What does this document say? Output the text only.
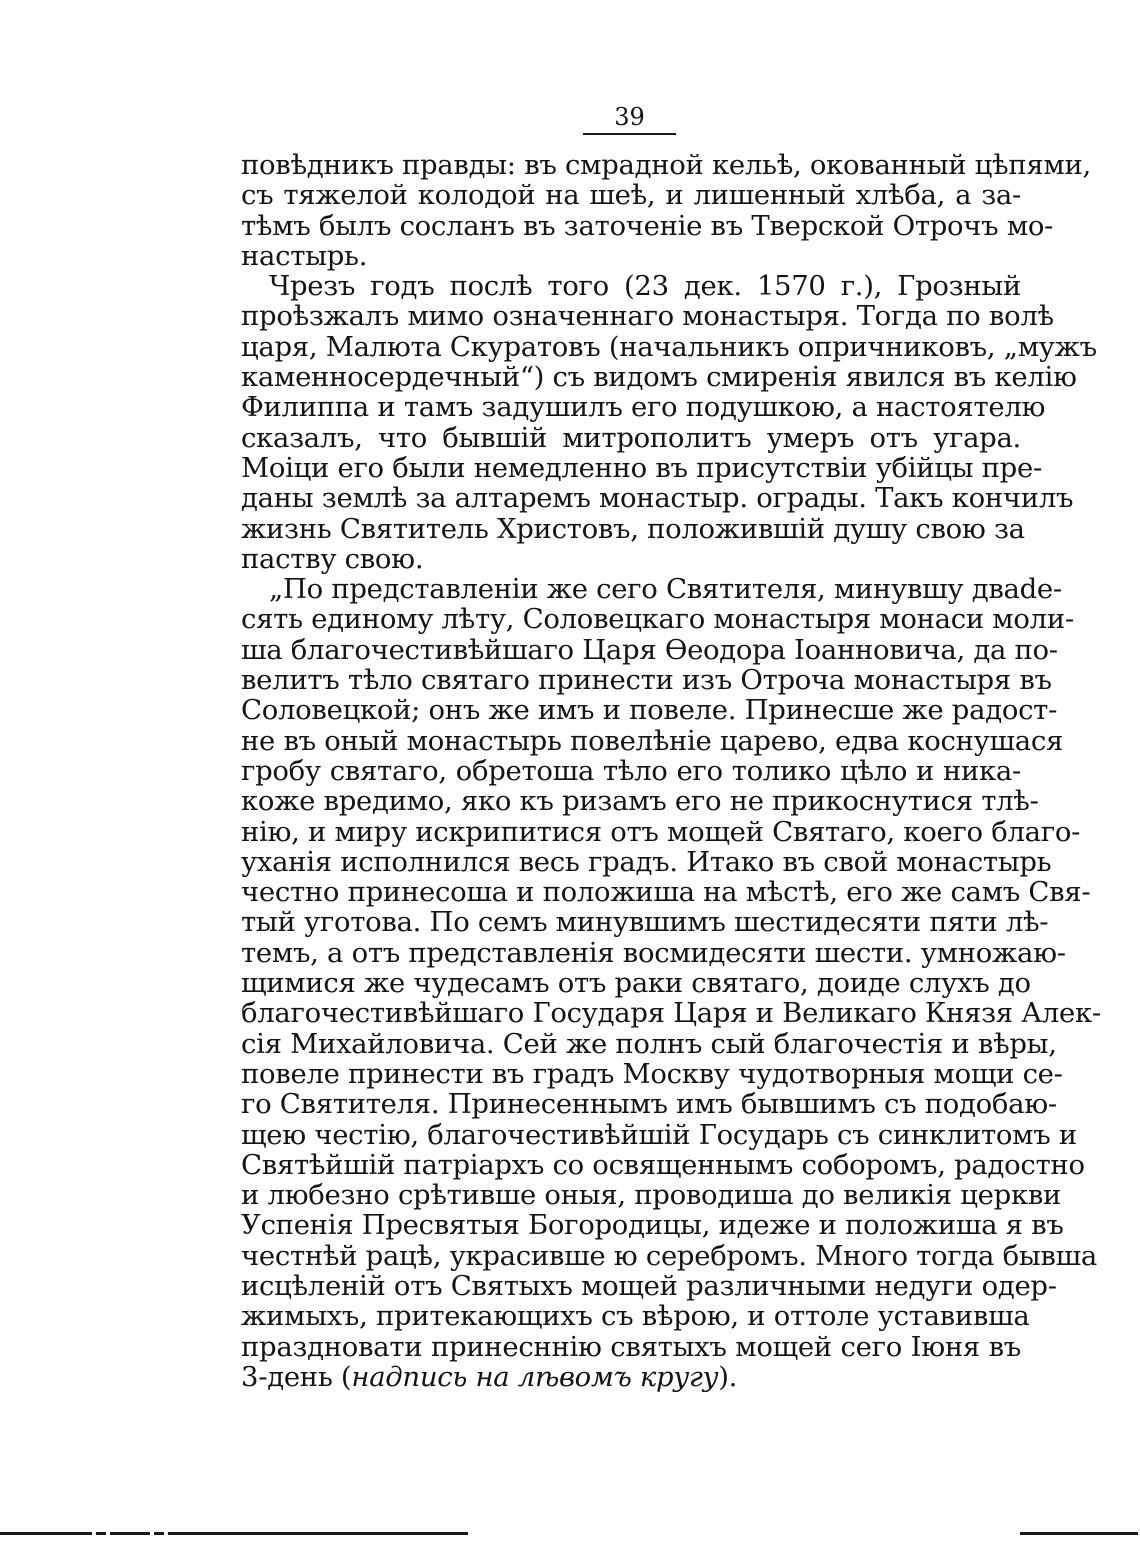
39
повѣдникъ правды: въ смрадной кельѣ, окованный цѣпями,
съ тяжелой колодой на шеѣ, и лишенный хлѣба, а за-
тѣмъ былъ сосланъ въ заточеніе въ Тверской Отрочъ мо-
настырь.
Чрезъ годъ послѣ того (23 дек. 1570 г.), Грозный
проѣзжалъ мимо означеннаго монастыря. Тогда по волѣ
царя, Малюта Скуратовъ (начальникъ опричниковъ, „мужъ
каменносердечный“) съ видомъ смиренія явился въ келію
Филиппа и тамъ задушилъ его подушкою, а настоятелю
сказалъ, что бывшій митрополитъ умеръ отъ угара.
Моіци его были немедленно въ присутствіи убійцы пре-
даны землѣ за алтаремъ монастыр. ограды. Такъ кончилъ
жизнь Святитель Христовъ, положившій душу свою за
паству свою.
„По представленіи же сего Святителя, минувшу двade-
сять единому лѣту, Соловецкаго монастыря монаси моли-
ша благочестивѣйшаго Царя Ѳеодора Іоанновича, да по-
велитъ тѣло святаго принести изъ Отроча монастыря въ
Соловецкой; онъ же имъ и повеле. Принесше же радост-
не въ оный монастырь повелѣніе царево, едва коснушася
гробу святаго, обретоша тѣло его толико цѣло и ника-
коже вредимо, яко къ ризамъ его не прикоснутися тлѣ-
нію, и миру искрипитися отъ мощей Святаго, коего благо-
уханія исполнился весь градъ. Итако въ свой монастырь
честно принесоша и положиша на мѣстѣ, его же самъ Свя-
тый уготова. По семъ минувшимъ шестидесяти пяти лѣ-
темъ, а отъ представленія восмидесяти шести. умножаю-
щимися же чудесамъ отъ раки святаго, доиде слухъ до
благочестивѣйшаго Государя Царя и Великаго Князя Алек-
сія Михайловича. Сей же полнъ сый благочестія и вѣры,
повеле принести въ градъ Москву чудотворныя мощи се-
го Святителя. Принесеннымъ имъ бывшимъ съ подобаю-
щею честію, благочестивѣйшій Государь съ синклитомъ и
Святѣйшій патріархъ со освященнымъ соборомъ, радостно
и любезно срѣтивше оныя, проводиша до великія церкви
Успенія Пресвятыя Богородицы, идеже и положиша я въ
честнѣй рацѣ, украсивше ю серебромъ. Много тогда бывша
исцѣленій отъ Святыхъ мощей различными недуги одер-
жимыхъ, притекающихъ съ вѣрою, и оттоле уставивша
праздновати принесннію святыхъ мощей сего Іюня въ
3-день (надпись на лѣвомъ кругу).
